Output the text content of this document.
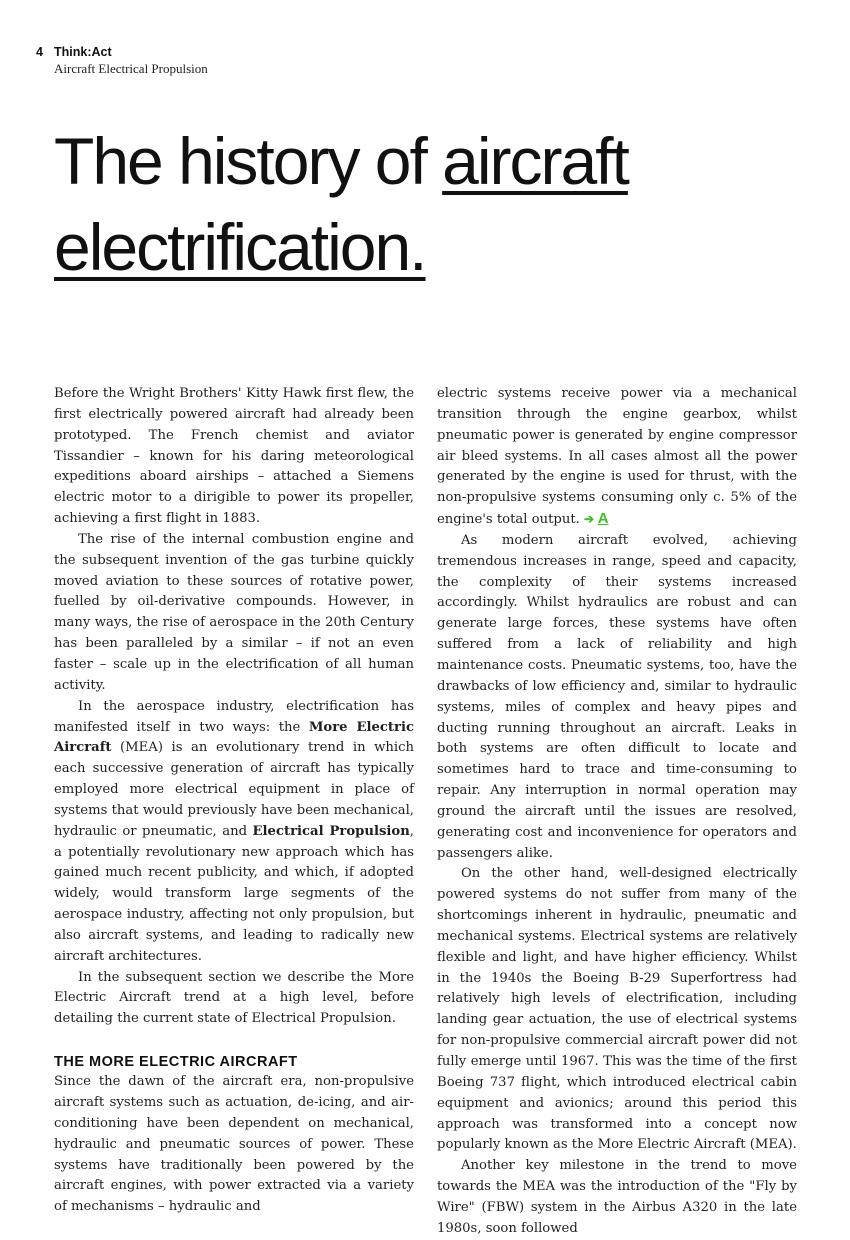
4 Think:Act
Aircraft Electrical Propulsion
The history of aircraft
electrification.

Before the Wright Brothers' Kitty Hawk first flew, the first electrically powered aircraft had already been prototyped. The French chemist and aviator Tissandier – known for his daring meteorological expeditions aboard airships – attached a Siemens electric motor to a dirigible to power its propeller, achieving a first flight in 1883.

The rise of the internal combustion engine and the subsequent invention of the gas turbine quickly moved aviation to these sources of rotative power, fuelled by oil-derivative compounds. However, in many ways, the rise of aerospace in the 20th Century has been paralleled by a similar – if not an even faster – scale up in the electrification of all human activity.

In the aerospace industry, electrification has manifested itself in two ways: the More Electric Aircraft (MEA) is an evolutionary trend in which each successive generation of aircraft has typically employed more electrical equipment in place of systems that would previously have been mechanical, hydraulic or pneumatic, and Electrical Propulsion, a potentially revolutionary new approach which has gained much recent publicity, and which, if adopted widely, would transform large segments of the aerospace industry, affecting not only propulsion, but also aircraft systems, and leading to radically new aircraft architectures.

In the subsequent section we describe the More Electric Aircraft trend at a high level, before detailing the current state of Electrical Propulsion.

THE MORE ELECTRIC AIRCRAFT

Since the dawn of the aircraft era, non-propulsive aircraft systems such as actuation, de-icing, and air-conditioning have been dependent on mechanical, hydraulic and pneumatic sources of power. These systems have traditionally been powered by the aircraft engines, with power extracted via a variety of mechanisms – hydraulic and

electric systems receive power via a mechanical transition through the engine gearbox, whilst pneumatic power is generated by engine compressor air bleed systems. In all cases almost all the power generated by the engine is used for thrust, with the non-propulsive systems consuming only c. 5% of the engine's total output. ➔ A

As modern aircraft evolved, achieving tremendous increases in range, speed and capacity, the complexity of their systems increased accordingly. Whilst hydraulics are robust and can generate large forces, these systems have often suffered from a lack of reliability and high maintenance costs. Pneumatic systems, too, have the drawbacks of low efficiency and, similar to hydraulic systems, miles of complex and heavy pipes and ducting running throughout an aircraft. Leaks in both systems are often difficult to locate and sometimes hard to trace and time-consuming to repair. Any interruption in normal operation may ground the aircraft until the issues are resolved, generating cost and inconvenience for operators and passengers alike.

On the other hand, well-designed electrically powered systems do not suffer from many of the shortcomings inherent in hydraulic, pneumatic and mechanical systems. Electrical systems are relatively flexible and light, and have higher efficiency. Whilst in the 1940s the Boeing B-29 Superfortress had relatively high levels of electrification, including landing gear actuation, the use of electrical systems for non-propulsive commercial aircraft power did not fully emerge until 1967. This was the time of the first Boeing 737 flight, which introduced electrical cabin equipment and avionics; around this period this approach was transformed into a concept now popularly known as the More Electric Aircraft (MEA).

Another key milestone in the trend to move towards the MEA was the introduction of the "Fly by Wire" (FBW) system in the Airbus A320 in the late 1980s, soon followed
